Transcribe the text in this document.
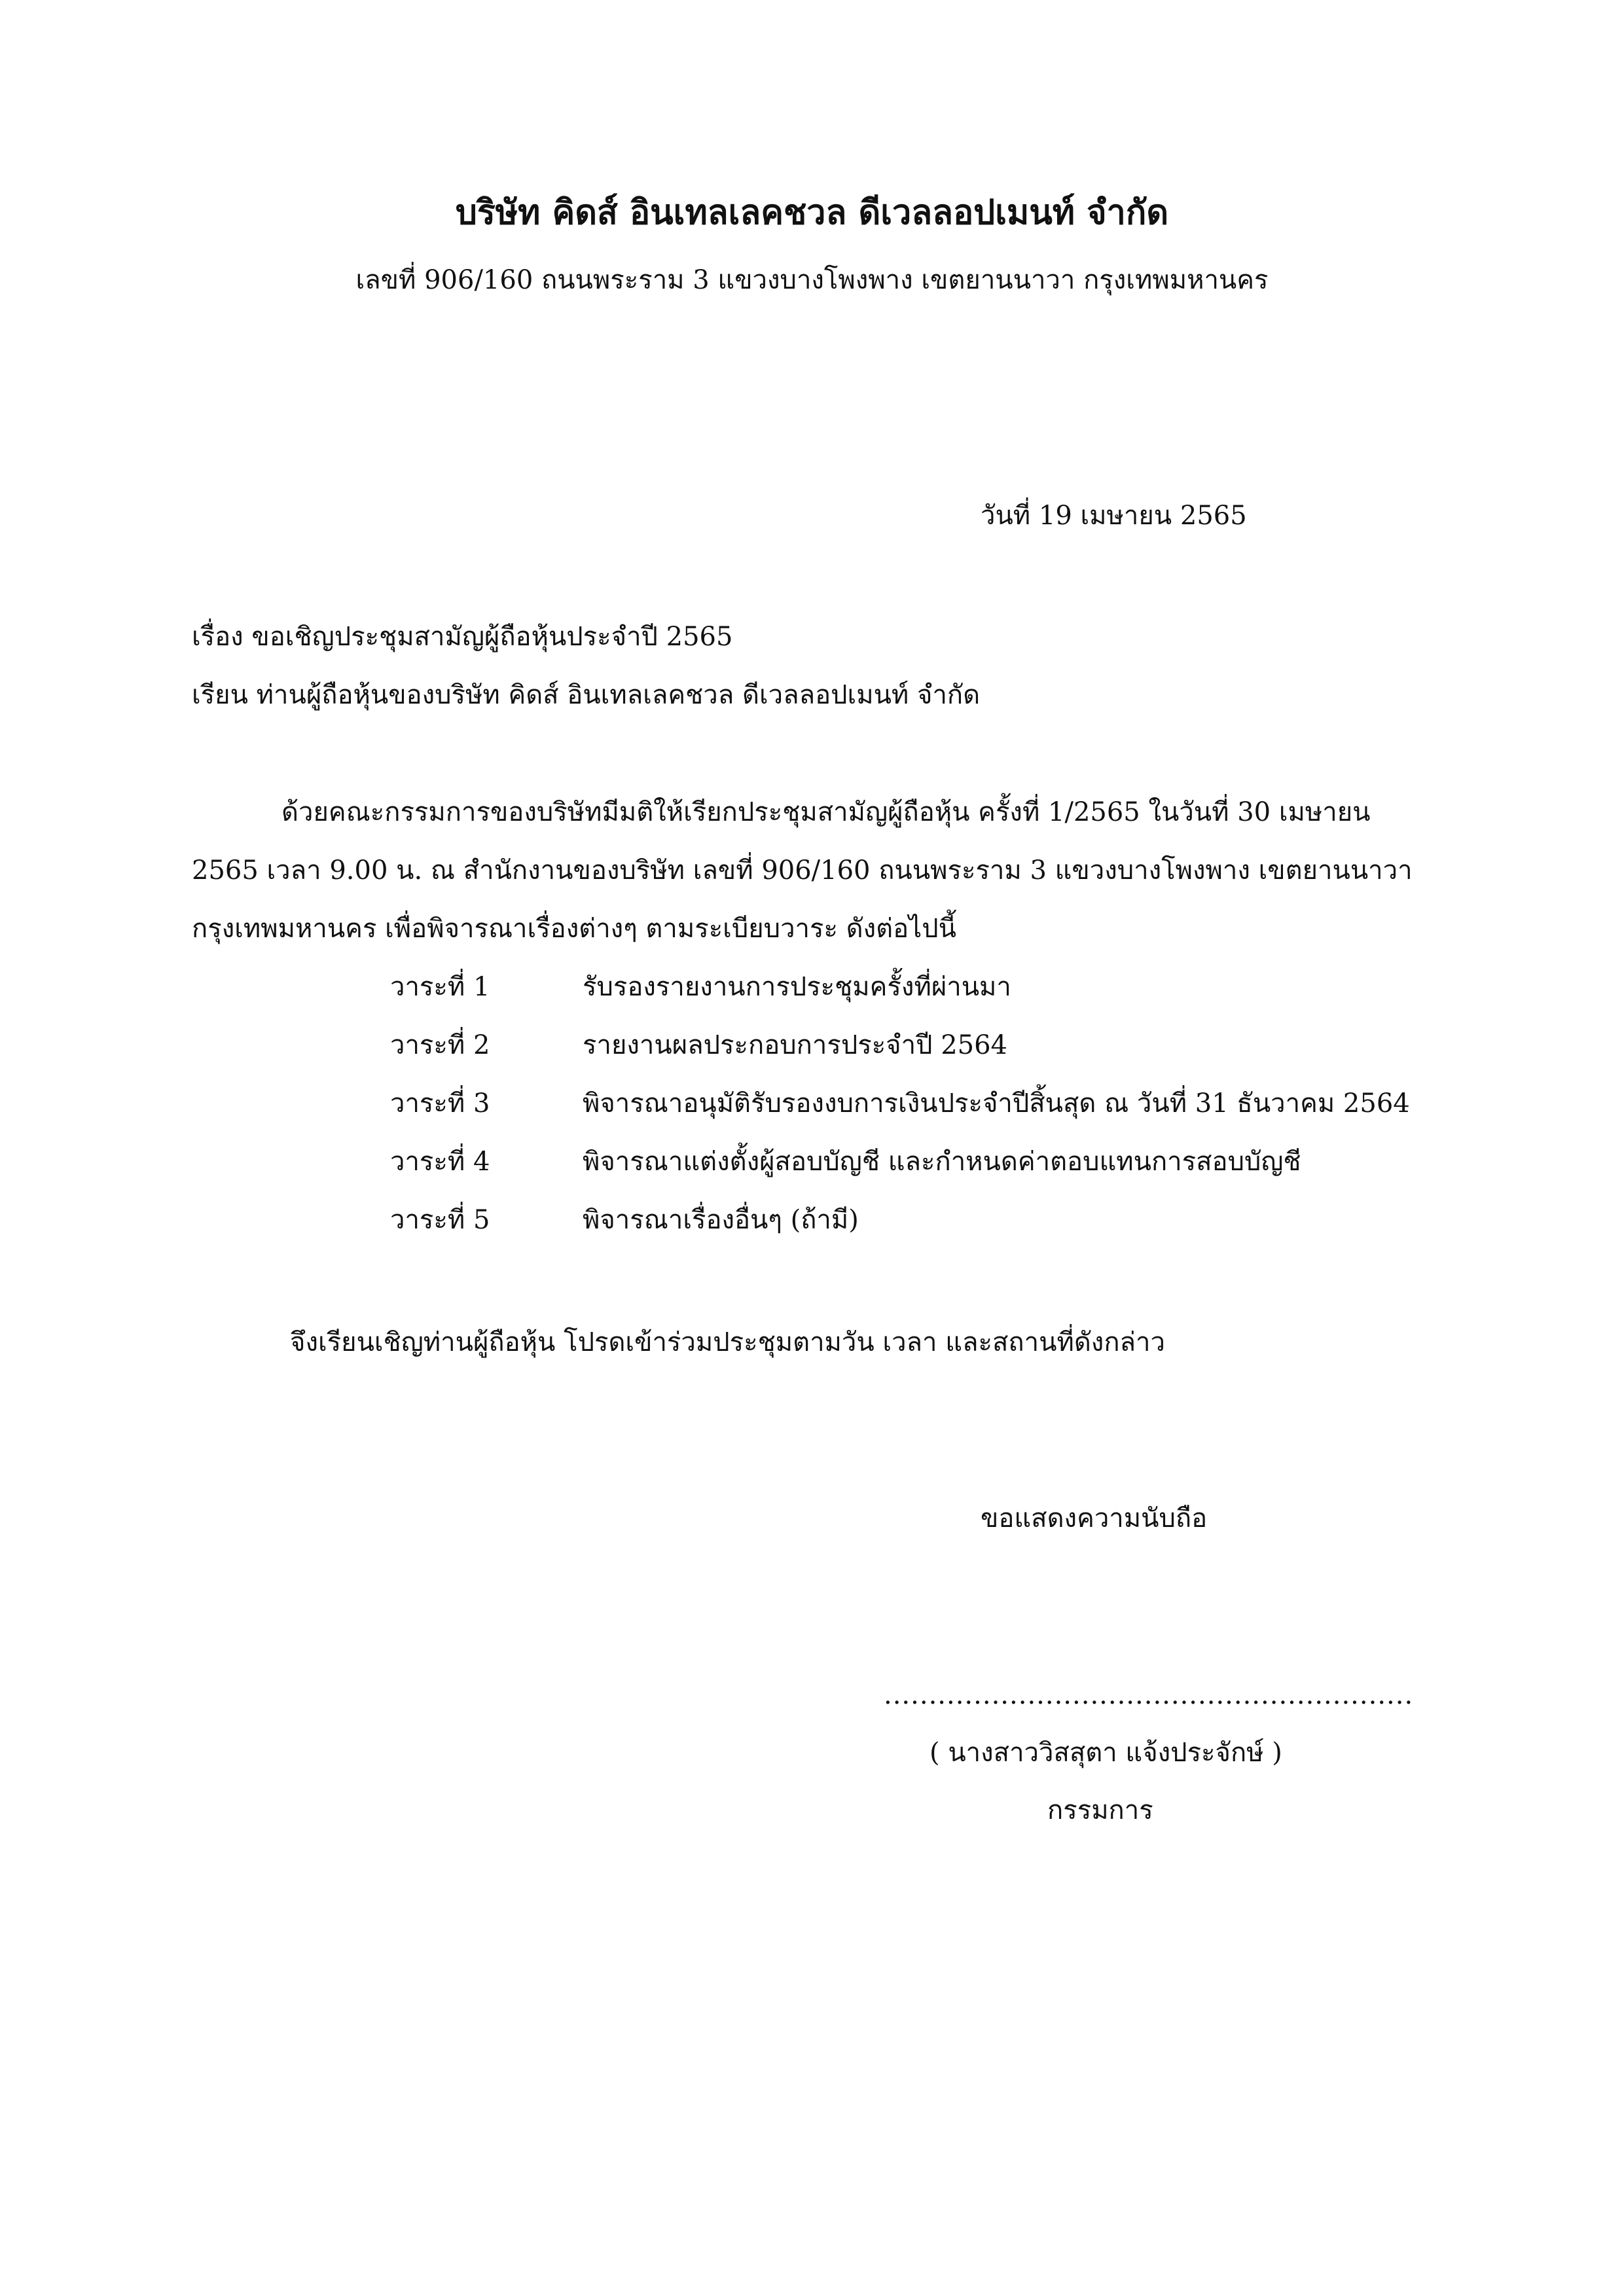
บริษัท คิดส์ อินเทลเลคชวล ดีเวลลอปเมนท์ จำกัด
เลขที่ 906/160 ถนนพระราม 3 แขวงบางโพงพาง เขตยานนาวา กรุงเทพมหานคร
วันที่ 19 เมษายน 2565
เรื่อง ขอเชิญประชุมสามัญผู้ถือหุ้นประจำปี 2565
เรียน ท่านผู้ถือหุ้นของบริษัท คิดส์ อินเทลเลคชวล ดีเวลลอปเมนท์ จำกัด
ด้วยคณะกรรมการของบริษัทมีมติให้เรียกประชุมสามัญผู้ถือหุ้น ครั้งที่ 1/2565 ในวันที่ 30 เมษายน
2565 เวลา 9.00 น. ณ สำนักงานของบริษัท เลขที่ 906/160 ถนนพระราม 3 แขวงบางโพงพาง เขตยานนาวา
กรุงเทพมหานคร เพื่อพิจารณาเรื่องต่างๆ ตามระเบียบวาระ ดังต่อไปนี้
วาระที่ 1	รับรองรายงานการประชุมครั้งที่ผ่านมา
วาระที่ 2	รายงานผลประกอบการประจำปี 2564
วาระที่ 3	พิจารณาอนุมัติรับรองงบการเงินประจำปีสิ้นสุด ณ วันที่ 31 ธันวาคม 2564
วาระที่ 4	พิจารณาแต่งตั้งผู้สอบบัญชี และกำหนดค่าตอบแทนการสอบบัญชี
วาระที่ 5	พิจารณาเรื่องอื่นๆ (ถ้ามี)
จึงเรียนเชิญท่านผู้ถือหุ้น โปรดเข้าร่วมประชุมตามวัน เวลา และสถานที่ดังกล่าว
ขอแสดงความนับถือ
...........................................................
( นางสาววิสสุตา แจ้งประจักษ์ )
กรรมการ
